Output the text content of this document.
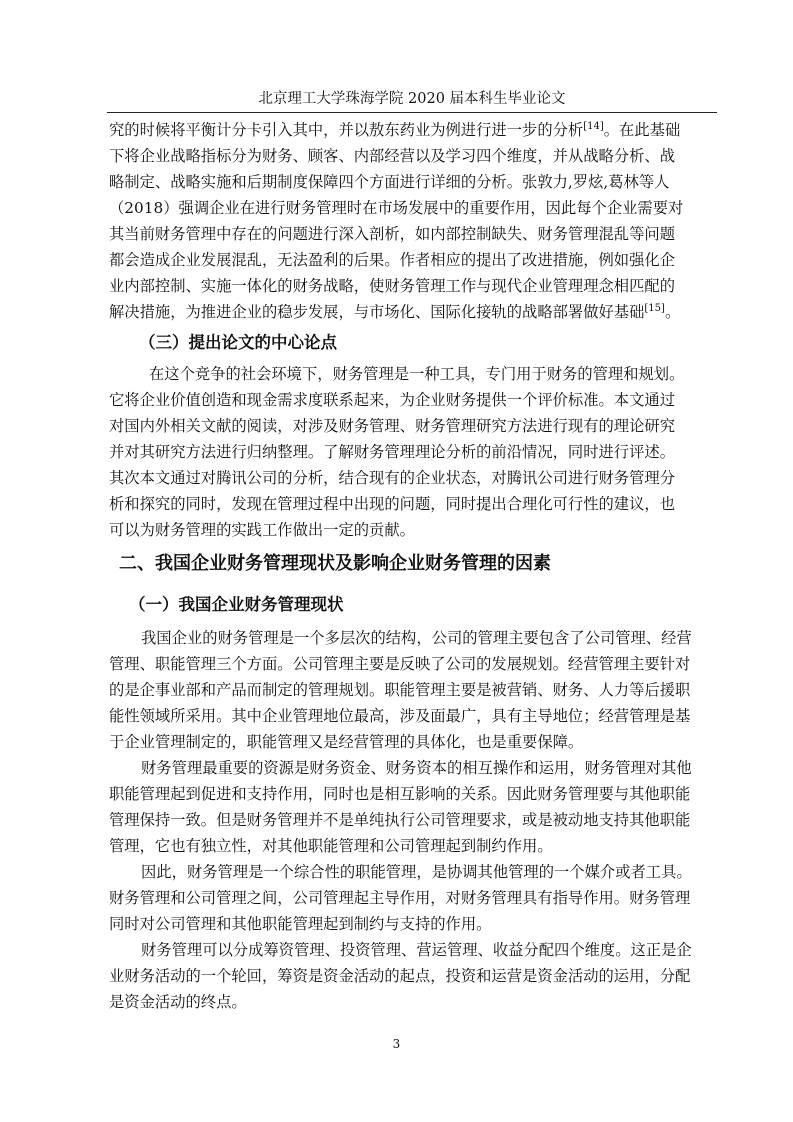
北京理工大学珠海学院 2020 届本科生毕业论文
究的时候将平衡计分卡引入其中，并以敖东药业为例进行进一步的分析[14]。在此基础
下将企业战略指标分为财务、顾客、内部经营以及学习四个维度，并从战略分析、战
略制定、战略实施和后期制度保障四个方面进行详细的分析。张敦力,罗炫,葛林等人
（2018）强调企业在进行财务管理时在市场发展中的重要作用，因此每个企业需要对
其当前财务管理中存在的问题进行深入剖析，如内部控制缺失、财务管理混乱等问题
都会造成企业发展混乱，无法盈利的后果。作者相应的提出了改进措施，例如强化企
业内部控制、实施一体化的财务战略，使财务管理工作与现代企业管理理念相匹配的
解决措施，为推进企业的稳步发展，与市场化、国际化接轨的战略部署做好基础[15]。
（三）提出论文的中心论点
在这个竞争的社会环境下，财务管理是一种工具，专门用于财务的管理和规划。
它将企业价值创造和现金需求度联系起来，为企业财务提供一个评价标准。本文通过
对国内外相关文献的阅读，对涉及财务管理、财务管理研究方法进行现有的理论研究
并对其研究方法进行归纳整理。了解财务管理理论分析的前沿情况，同时进行评述。
其次本文通过对腾讯公司的分析，结合现有的企业状态，对腾讯公司进行财务管理分
析和探究的同时，发现在管理过程中出现的问题，同时提出合理化可行性的建议，也
可以为财务管理的实践工作做出一定的贡献。
二、我国企业财务管理现状及影响企业财务管理的因素
（一）我国企业财务管理现状
我国企业的财务管理是一个多层次的结构，公司的管理主要包含了公司管理、经营
管理、职能管理三个方面。公司管理主要是反映了公司的发展规划。经营管理主要针对
的是企事业部和产品而制定的管理规划。职能管理主要是被营销、财务、人力等后援职
能性领域所采用。其中企业管理地位最高，涉及面最广，具有主导地位；经营管理是基
于企业管理制定的，职能管理又是经营管理的具体化，也是重要保障。
财务管理最重要的资源是财务资金、财务资本的相互操作和运用，财务管理对其他
职能管理起到促进和支持作用，同时也是相互影响的关系。因此财务管理要与其他职能
管理保持一致。但是财务管理并不是单纯执行公司管理要求，或是被动地支持其他职能
管理，它也有独立性，对其他职能管理和公司管理起到制约作用。
因此，财务管理是一个综合性的职能管理，是协调其他管理的一个媒介或者工具。
财务管理和公司管理之间，公司管理起主导作用，对财务管理具有指导作用。财务管理
同时对公司管理和其他职能管理起到制约与支持的作用。
财务管理可以分成筹资管理、投资管理、营运管理、收益分配四个维度。这正是企
业财务活动的一个轮回，筹资是资金活动的起点，投资和运营是资金活动的运用，分配
是资金活动的终点。
3
